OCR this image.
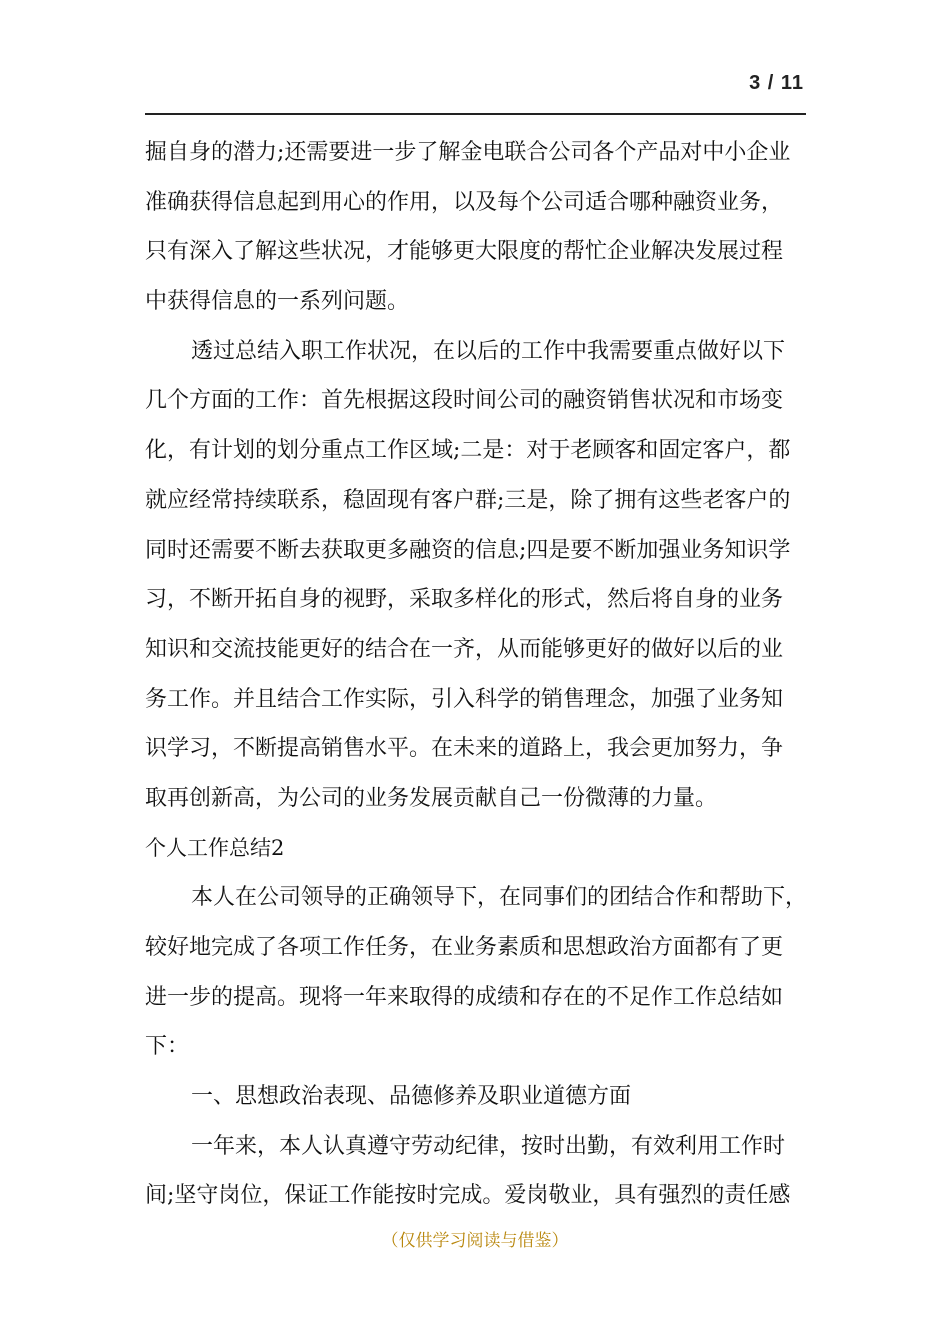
3 / 11
掘自身的潜力;还需要进一步了解金电联合公司各个产品对中小企业
准确获得信息起到用心的作用，以及每个公司适合哪种融资业务，
只有深入了解这些状况，才能够更大限度的帮忙企业解决发展过程
中获得信息的一系列问题。
透过总结入职工作状况，在以后的工作中我需要重点做好以下
几个方面的工作：首先根据这段时间公司的融资销售状况和市场变
化，有计划的划分重点工作区域;二是：对于老顾客和固定客户，都
就应经常持续联系，稳固现有客户群;三是，除了拥有这些老客户的
同时还需要不断去获取更多融资的信息;四是要不断加强业务知识学
习，不断开拓自身的视野，采取多样化的形式，然后将自身的业务
知识和交流技能更好的结合在一齐，从而能够更好的做好以后的业
务工作。并且结合工作实际，引入科学的销售理念，加强了业务知
识学习，不断提高销售水平。在未来的道路上，我会更加努力，争
取再创新高，为公司的业务发展贡献自己一份微薄的力量。
个人工作总结2
本人在公司领导的正确领导下，在同事们的团结合作和帮助下，
较好地完成了各项工作任务，在业务素质和思想政治方面都有了更
进一步的提高。现将一年来取得的成绩和存在的不足作工作总结如
下：
一、思想政治表现、品德修养及职业道德方面
一年来，本人认真遵守劳动纪律，按时出勤，有效利用工作时
间;坚守岗位，保证工作能按时完成。爱岗敬业，具有强烈的责任感
（仅供学习阅读与借鉴）
